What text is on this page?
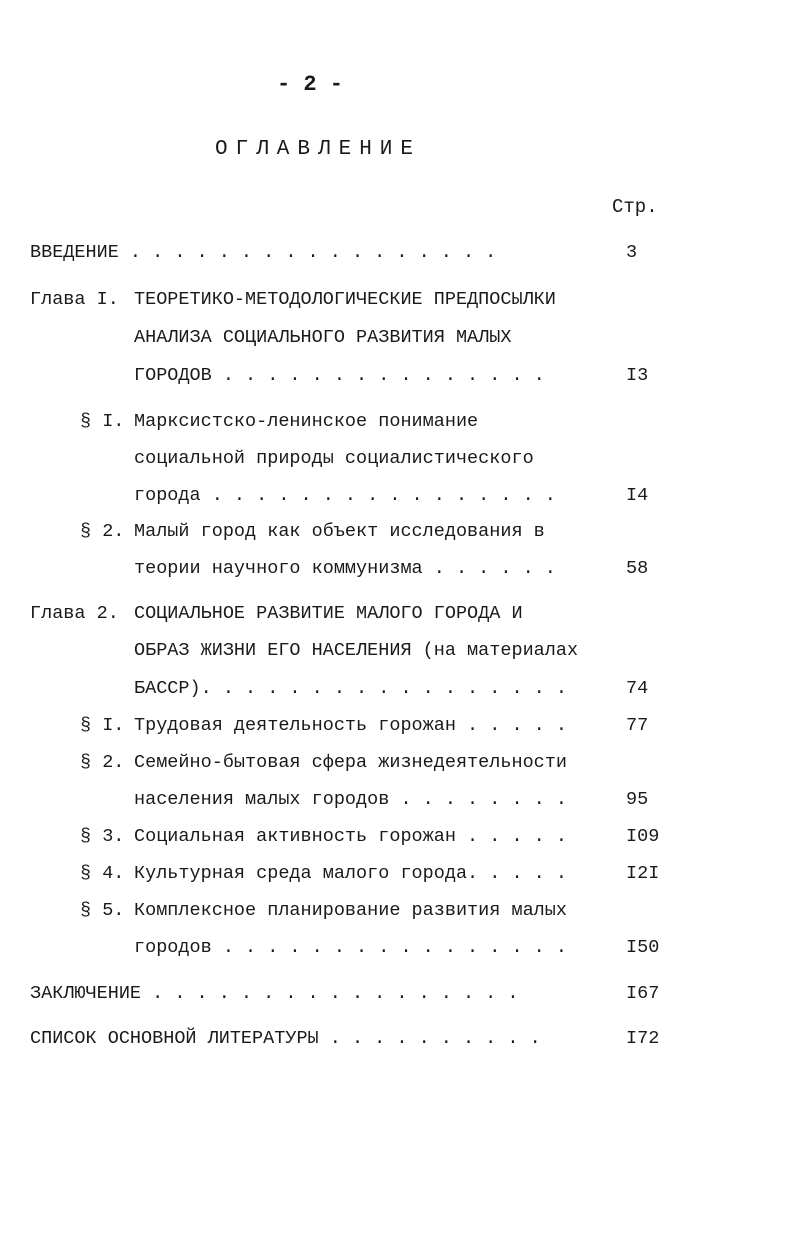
- 2 -
ОГЛАВЛЕНИЕ
Стр.
ВВЕДЕНИЕ . . . . . . . . . . . . . . . . .	3
Глава I. ТЕОРЕТИКО-МЕТОДОЛОГИЧЕСКИЕ ПРЕДПОСЫЛКИ
АНАЛИЗА СОЦИАЛЬНОГО РАЗВИТИЯ МАЛЫХ
ГОРОДОВ . . . . . . . . . . . . . . .	I3
§ I. Марксистско-ленинское понимание
социальной природы социалистического
города . . . . . . . . . . . . . . . .	I4
§ 2. Малый город как объект исследования в
теории научного коммунизма . . . . . .	58
Глава 2. СОЦИАЛЬНОЕ РАЗВИТИЕ МАЛОГО ГОРОДА И
ОБРАЗ ЖИЗНИ ЕГО НАСЕЛЕНИЯ (на материалах
БАССР). . . . . . . . . . . . . . . . .	74
§ I. Трудовая деятельность горожан . . . . .	77
§ 2. Семейно-бытовая сфера жизнедеятельности
населения малых городов . . . . . . . .	95
§ 3. Социальная активность горожан . . . . .	I09
§ 4. Культурная среда малого города. . . . .	I2I
§ 5. Комплексное планирование развития малых
городов . . . . . . . . . . . . . . . .	I50
ЗАКЛЮЧЕНИЕ . . . . . . . . . . . . . . . . .	I67
СПИСОК ОСНОВНОЙ ЛИТЕРАТУРЫ . . . . . . . . . .	I72
